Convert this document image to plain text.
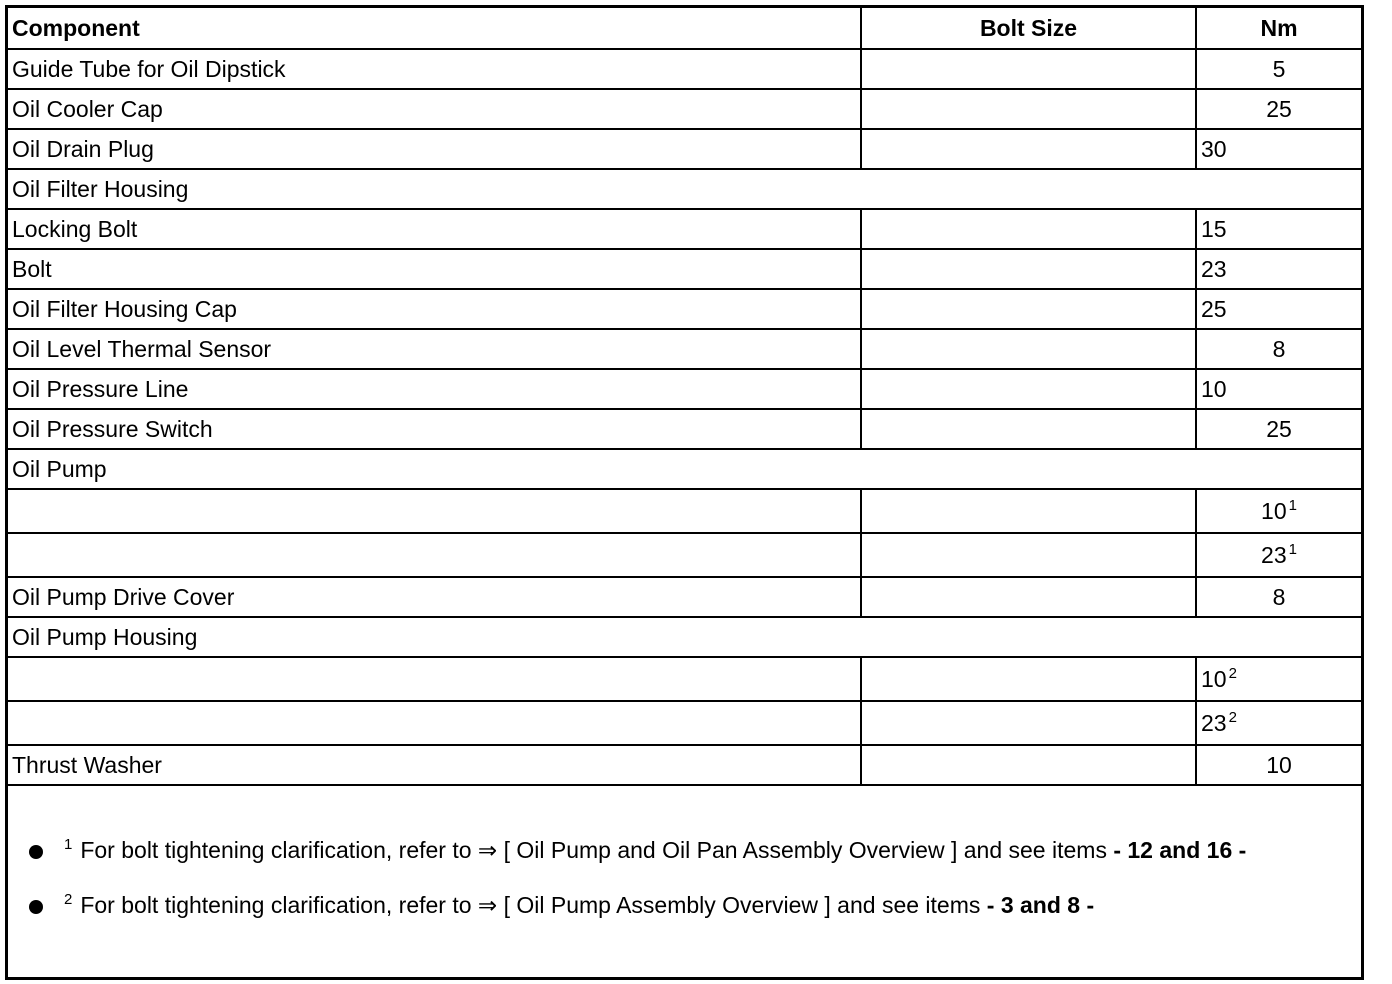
Component	Bolt Size	Nm
Guide Tube for Oil Dipstick		5
Oil Cooler Cap		25
Oil Drain Plug		30
Oil Filter Housing		
Locking Bolt		15
Bolt		23
Oil Filter Housing Cap		25
Oil Level Thermal Sensor		8
Oil Pressure Line		10
Oil Pressure Switch		25
Oil Pump		
		10 $^1$
		23 $^1$
Oil Pump Drive Cover		8
Oil Pump Housing		
		10 $^2$
		23 $^2$
Thrust Washer		10
$^1$ For bolt tightening clarification, refer to ⇒ [ Oil Pump and Oil Pan Assembly Overview ] and see items - 12 and 16 -
$^2$ For bolt tightening clarification, refer to ⇒ [ Oil Pump Assembly Overview ] and see items - 3 and 8 -
